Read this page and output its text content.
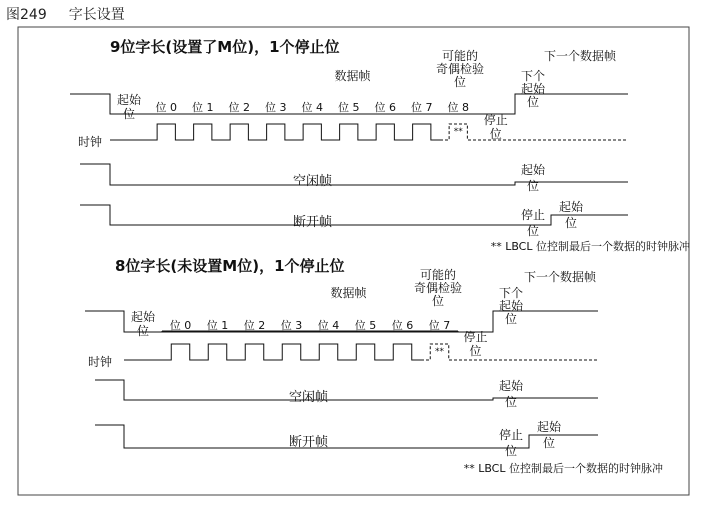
图249 字长设置
9位字长(设置了M位)，1个停止位
数据帧
可能的奇偶检验位
下一个数据帧
起始位	停止位
下个起始位
位 0 位 1 位 2 位 3 位 4 位 5 位 6 位 7 位 8
时钟
**
空闲帧
起始位
断开帧	停止位
起始位
** LBCL 位控制最后一个数据的时钟脉冲
8位字长(未设置M位)，1个停止位
数据帧
可能的奇偶检验位
下一个数据帧
起始位	停止位
下个起始位
位 0 位 1 位 2 位 3 位 4 位 5 位 6 位 7
时钟
**
空闲帧
起始位
断开帧	停止位
起始位
** LBCL 位控制最后一个数据的时钟脉冲
